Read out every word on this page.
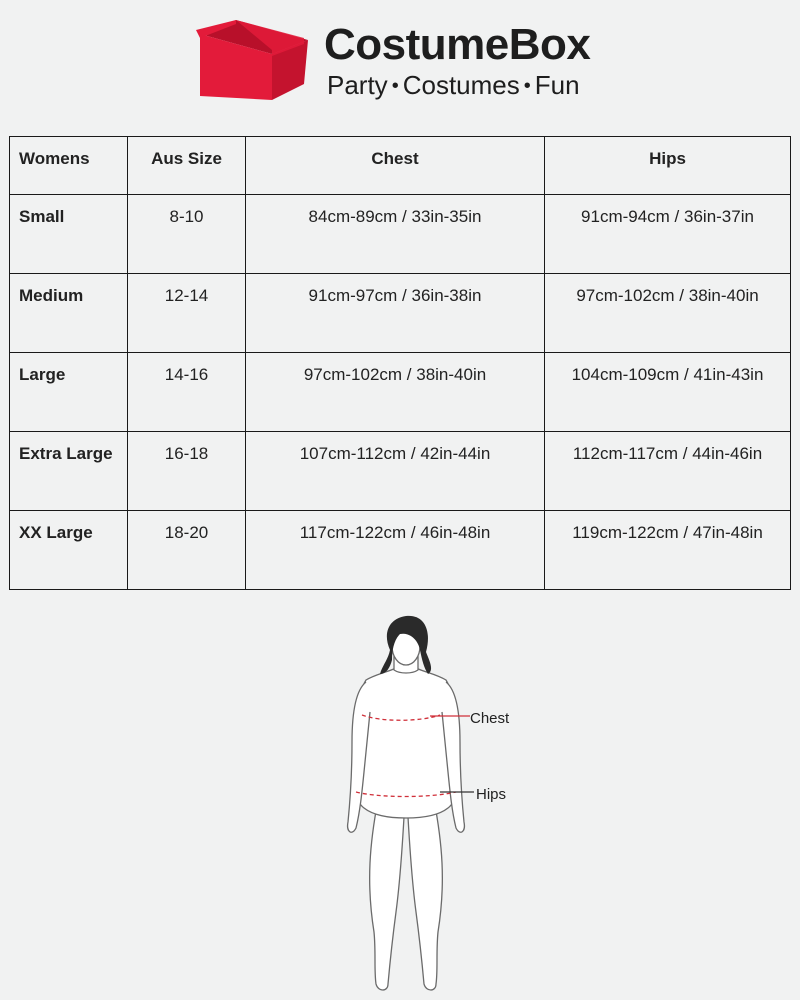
CostumeBox
Party • Costumes • Fun
Womens	Aus Size	Chest	Hips
Small	8-10	84cm-89cm / 33in-35in	91cm-94cm / 36in-37in
Medium	12-14	91cm-97cm / 36in-38in	97cm-102cm / 38in-40in
Large	14-16	97cm-102cm / 38in-40in	104cm-109cm / 41in-43in
Extra Large	16-18	107cm-112cm / 42in-44in	112cm-117cm / 44in-46in
XX Large	18-20	117cm-122cm / 46in-48in	119cm-122cm / 47in-48in
Chest
Hips
